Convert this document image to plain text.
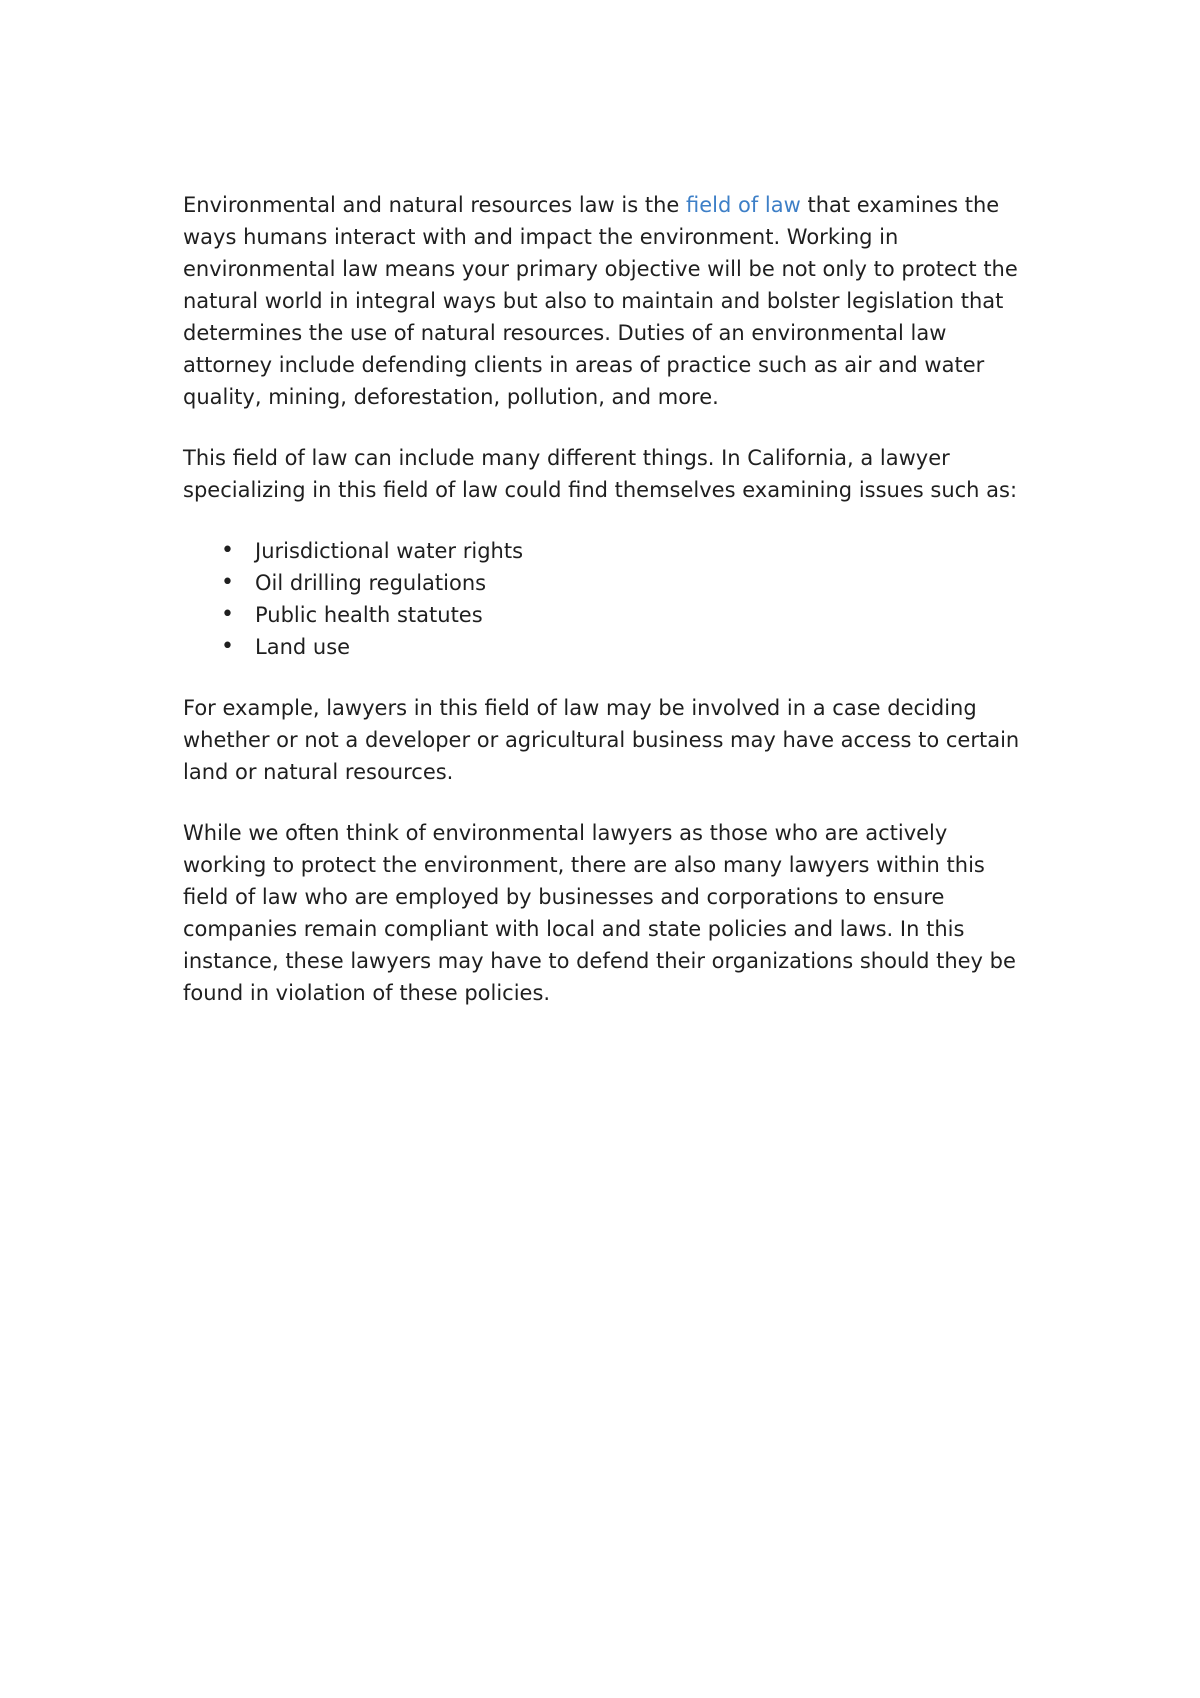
Environmental and natural resources law is the field of law that examines the ways humans interact with and impact the environment. Working in environmental law means your primary objective will be not only to protect the natural world in integral ways but also to maintain and bolster legislation that determines the use of natural resources. Duties of an environmental law attorney include defending clients in areas of practice such as air and water quality, mining, deforestation, pollution, and more.

This field of law can include many different things. In California, a lawyer specializing in this field of law could find themselves examining issues such as:

• Jurisdictional water rights
• Oil drilling regulations
• Public health statutes
• Land use

For example, lawyers in this field of law may be involved in a case deciding whether or not a developer or agricultural business may have access to certain land or natural resources.

While we often think of environmental lawyers as those who are actively working to protect the environment, there are also many lawyers within this field of law who are employed by businesses and corporations to ensure companies remain compliant with local and state policies and laws. In this instance, these lawyers may have to defend their organizations should they be found in violation of these policies.
